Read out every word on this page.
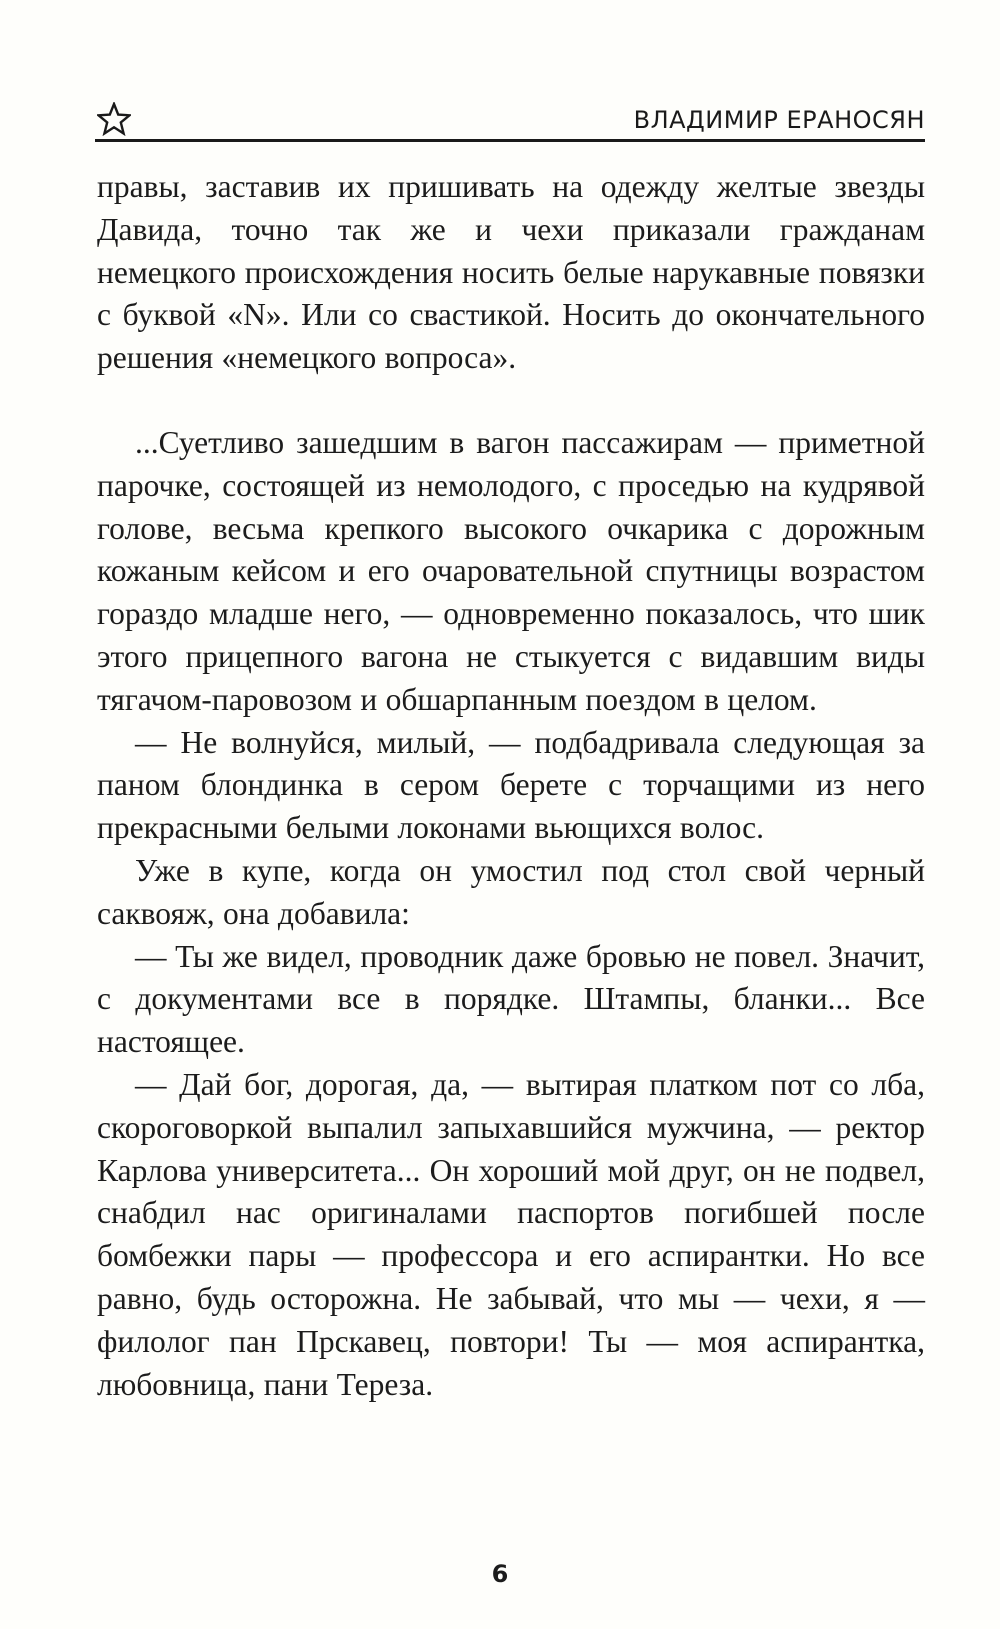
ВЛАДИМИР ЕРАНОСЯН

правы, заставив их пришивать на одежду желтые звезды Давида, точно так же и чехи приказали гражданам немецкого происхождения носить белые нарукавные повязки с буквой «N». Или со свастикой. Носить до окончательного решения «немецкого вопроса».

...Суетливо зашедшим в вагон пассажирам — приметной парочке, состоящей из немолодого, с проседью на кудрявой голове, весьма крепкого высокого очкарика с дорожным кожаным кейсом и его очаровательной спутницы возрастом гораздо младше него, — одновременно показалось, что шик этого прицепного вагона не стыкуется с видавшим виды тягачом-паровозом и обшарпанным поездом в целом.

— Не волнуйся, милый, — подбадривала следующая за паном блондинка в сером берете с торчащими из него прекрасными белыми локонами вьющихся волос.

Уже в купе, когда он умостил под стол свой черный саквояж, она добавила:

— Ты же видел, проводник даже бровью не повел. Значит, с документами все в порядке. Штампы, бланки... Все настоящее.

— Дай бог, дорогая, да, — вытирая платком пот со лба, скороговоркой выпалил запыхавшийся мужчина, — ректор Карлова университета... Он хороший мой друг, он не подвел, снабдил нас оригиналами паспортов погибшей после бомбежки пары — профессора и его аспирантки. Но все равно, будь осторожна. Не забывай, что мы — чехи, я — филолог пан Прскавец, повтори! Ты — моя аспирантка, любовница, пани Тереза.

6
